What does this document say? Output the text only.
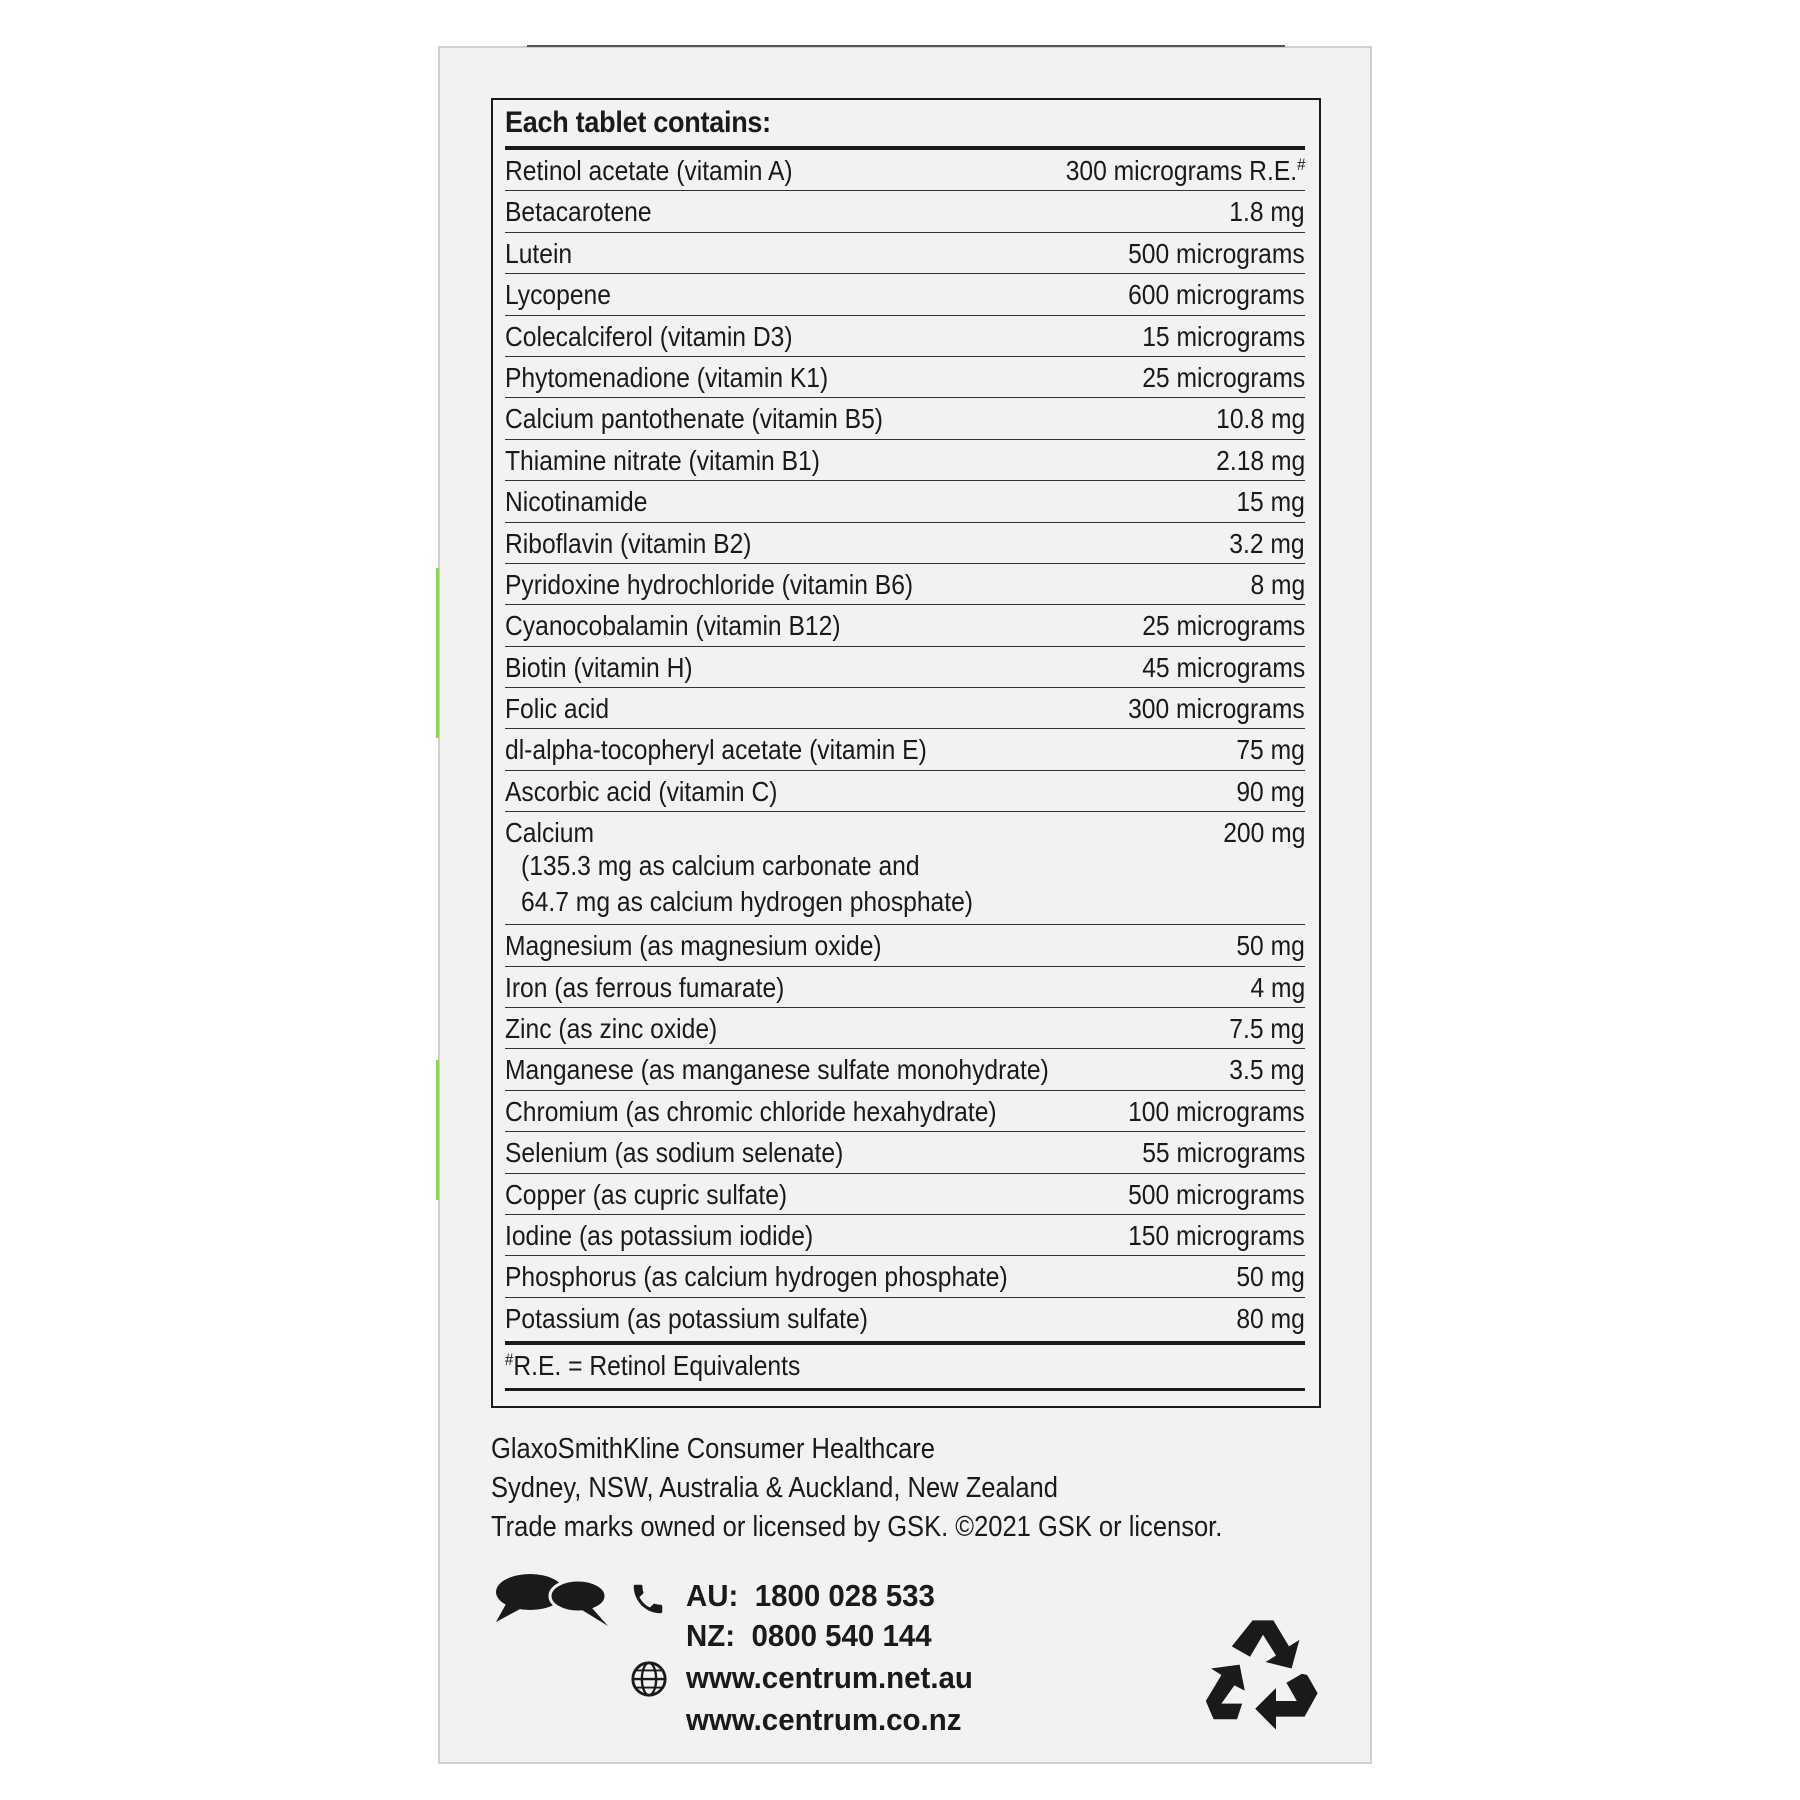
Each tablet contains:
Retinol acetate (vitamin A)	300 micrograms R.E.#
Betacarotene	1.8 mg
Lutein	500 micrograms
Lycopene	600 micrograms
Colecalciferol (vitamin D3)	15 micrograms
Phytomenadione (vitamin K1)	25 micrograms
Calcium pantothenate (vitamin B5)	10.8 mg
Thiamine nitrate (vitamin B1)	2.18 mg
Nicotinamide	15 mg
Riboflavin (vitamin B2)	3.2 mg
Pyridoxine hydrochloride (vitamin B6)	8 mg
Cyanocobalamin (vitamin B12)	25 micrograms
Biotin (vitamin H)	45 micrograms
Folic acid	300 micrograms
dl-alpha-tocopheryl acetate (vitamin E)	75 mg
Ascorbic acid (vitamin C)	90 mg
Calcium	200 mg
(135.3 mg as calcium carbonate and
64.7 mg as calcium hydrogen phosphate)
Magnesium (as magnesium oxide)	50 mg
Iron (as ferrous fumarate)	4 mg
Zinc (as zinc oxide)	7.5 mg
Manganese (as manganese sulfate monohydrate)	3.5 mg
Chromium (as chromic chloride hexahydrate)	100 micrograms
Selenium (as sodium selenate)	55 micrograms
Copper (as cupric sulfate)	500 micrograms
Iodine (as potassium iodide)	150 micrograms
Phosphorus (as calcium hydrogen phosphate)	50 mg
Potassium (as potassium sulfate)	80 mg
#R.E. = Retinol Equivalents
GlaxoSmithKline Consumer Healthcare
Sydney, NSW, Australia & Auckland, New Zealand
Trade marks owned or licensed by GSK. ©2021 GSK or licensor.
AU: 1800 028 533
NZ: 0800 540 144
www.centrum.net.au
www.centrum.co.nz
